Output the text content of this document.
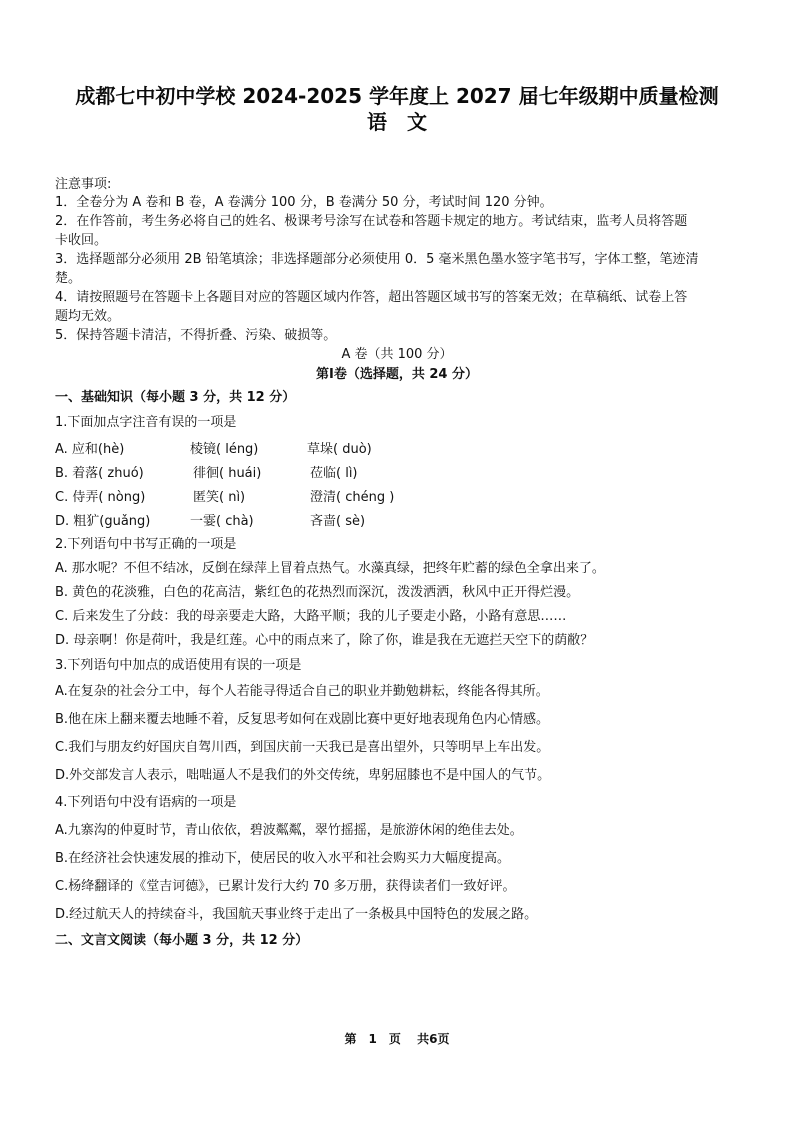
成都七中初中学校 2024-2025 学年度上 2027 届七年级期中质量检测
语　文
注意事项:
1．全卷分为 A 卷和 B 卷，A 卷满分 100 分，B 卷满分 50 分，考试时间 120 分钟。
2．在作答前，考生务必将自己的姓名、极课考号涂写在试卷和答题卡规定的地方。考试结束，监考人员将答题
卡收回。
3．选择题部分必须用 2B 铅笔填涂；非选择题部分必须使用 0．5 毫米黑色墨水签字笔书写，字体工整，笔迹清
楚。
4．请按照题号在答题卡上各题目对应的答题区域内作答，超出答题区域书写的答案无效；在草稿纸、试卷上答
题均无效。
5．保持答题卡清洁，不得折叠、污染、破损等。
A 卷（共 100 分）
第Ⅰ卷（选择题，共 24 分）
一、基础知识（每小题 3 分，共 12 分）
1.下面加点字注音有误的一项是
A. 应和(hè)	棱镜( léng)	草垛( duò)
B. 着落( zhuó)	徘徊( huái)	莅临( lì)
C. 侍弄( nòng)	匿笑( nì)	澄清( chéng )
D. 粗犷(guǎng)	一霎( chà)	吝啬( sè)
2.下列语句中书写正确的一项是
A. 那水呢？不但不结冰，反倒在绿萍上冒着点热气。水藻真绿，把终年贮蓄的绿色全拿出来了。
B. 黄色的花淡雅，白色的花高洁，紫红色的花热烈而深沉，泼泼洒洒，秋风中正开得烂漫。
C. 后来发生了分歧：我的母亲要走大路，大路平顺；我的儿子要走小路，小路有意思……
D. 母亲啊！你是荷叶，我是红莲。心中的雨点来了，除了你，谁是我在无遮拦天空下的荫敝？
3.下列语句中加点的成语使用有误的一项是
A.在复杂的社会分工中，每个人若能寻得适合自己的职业并勤勉耕耘，终能各得其所。
B.他在床上翻来覆去地睡不着，反复思考如何在戏剧比赛中更好地表现角色内心情感。
C.我们与朋友约好国庆自驾川西，到国庆前一天我已是喜出望外，只等明早上车出发。
D.外交部发言人表示，咄咄逼人不是我们的外交传统，卑躬屈膝也不是中国人的气节。
4.下列语句中没有语病的一项是
A.九寨沟的仲夏时节，青山依依，碧波粼粼，翠竹摇摇，是旅游休闲的绝佳去处。
B.在经济社会快速发展的推动下，使居民的收入水平和社会购买力大幅度提高。
C.杨绛翻译的《堂吉诃德》，已累计发行大约 70 多万册，获得读者们一致好评。
D.经过航天人的持续奋斗，我国航天事业终于走出了一条极具中国特色的发展之路。
二、文言文阅读（每小题 3 分，共 12 分）
第 1 页 共6页
